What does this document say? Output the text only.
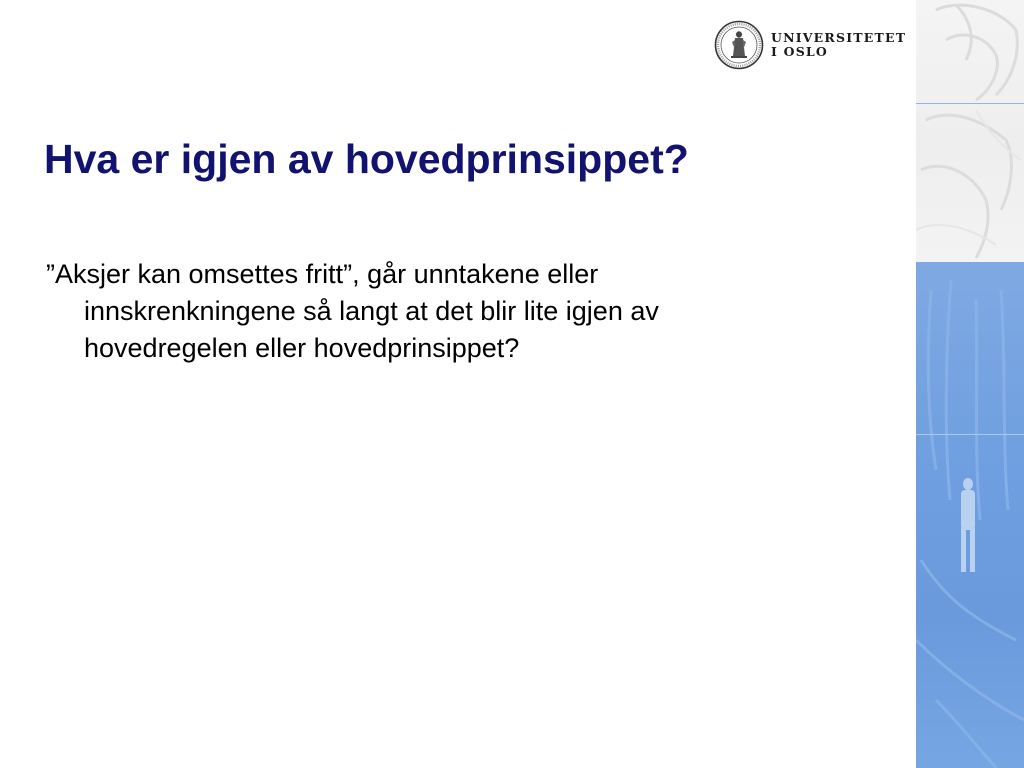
UNIVERSITETET
I OSLO
Hva er igjen av hovedprinsippet?
”Aksjer kan omsettes fritt”, går unntakene eller
innskrenkningene så langt at det blir lite igjen av
hovedregelen eller hovedprinsippet?
